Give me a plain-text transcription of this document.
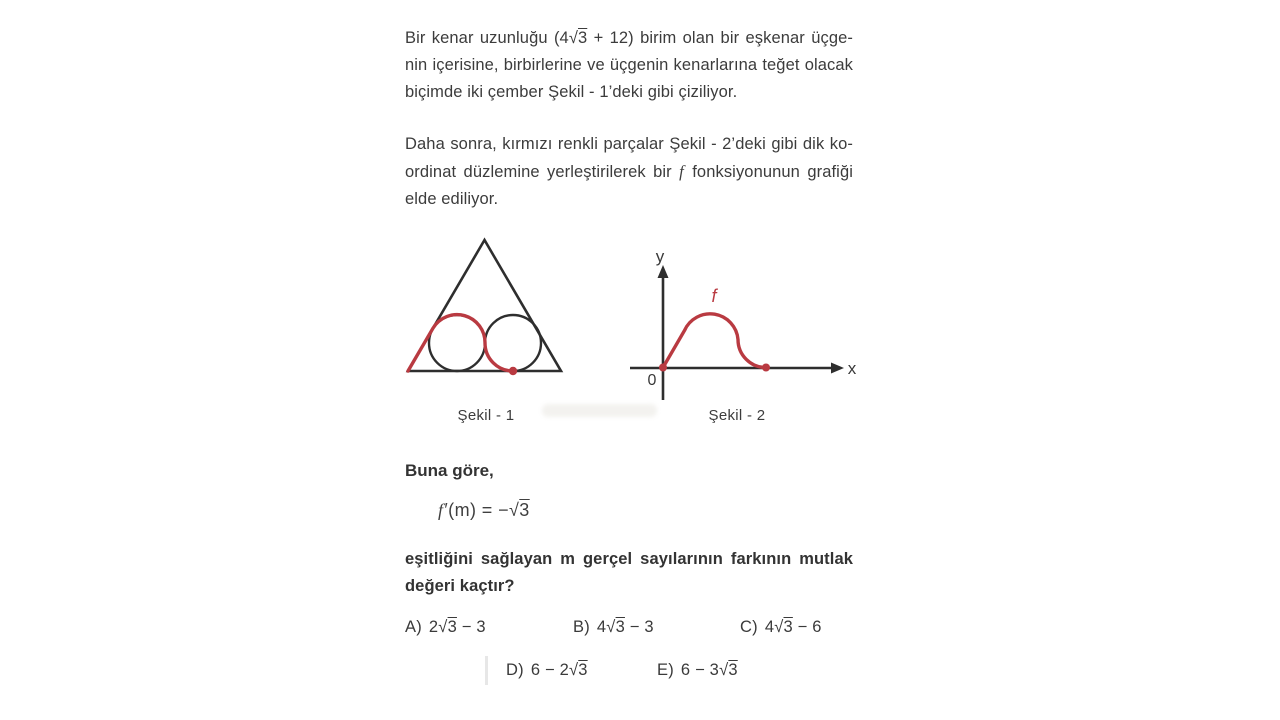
Bir kenar uzunluğu (4√3 + 12) birim olan bir eşkenar üçge-
nin içerisine, birbirlerine ve üçgenin kenarlarına teğet olacak
biçimde iki çember Şekil - 1’deki gibi çiziliyor.
Daha sonra, kırmızı renkli parçalar Şekil - 2’deki gibi dik ko-
ordinat düzlemine yerleştirilerek bir f fonksiyonunun grafiği
elde ediliyor.
Şekil - 1
y
x
0
f
Şekil - 2
Buna göre,
f′(m) = −√3
eşitliğini sağlayan m gerçel sayılarının farkının mutlak
değeri kaçtır?
A) 2√3 − 3	B) 4√3 − 3	C) 4√3 − 6
D) 6 − 2√3	E) 6 − 3√3
